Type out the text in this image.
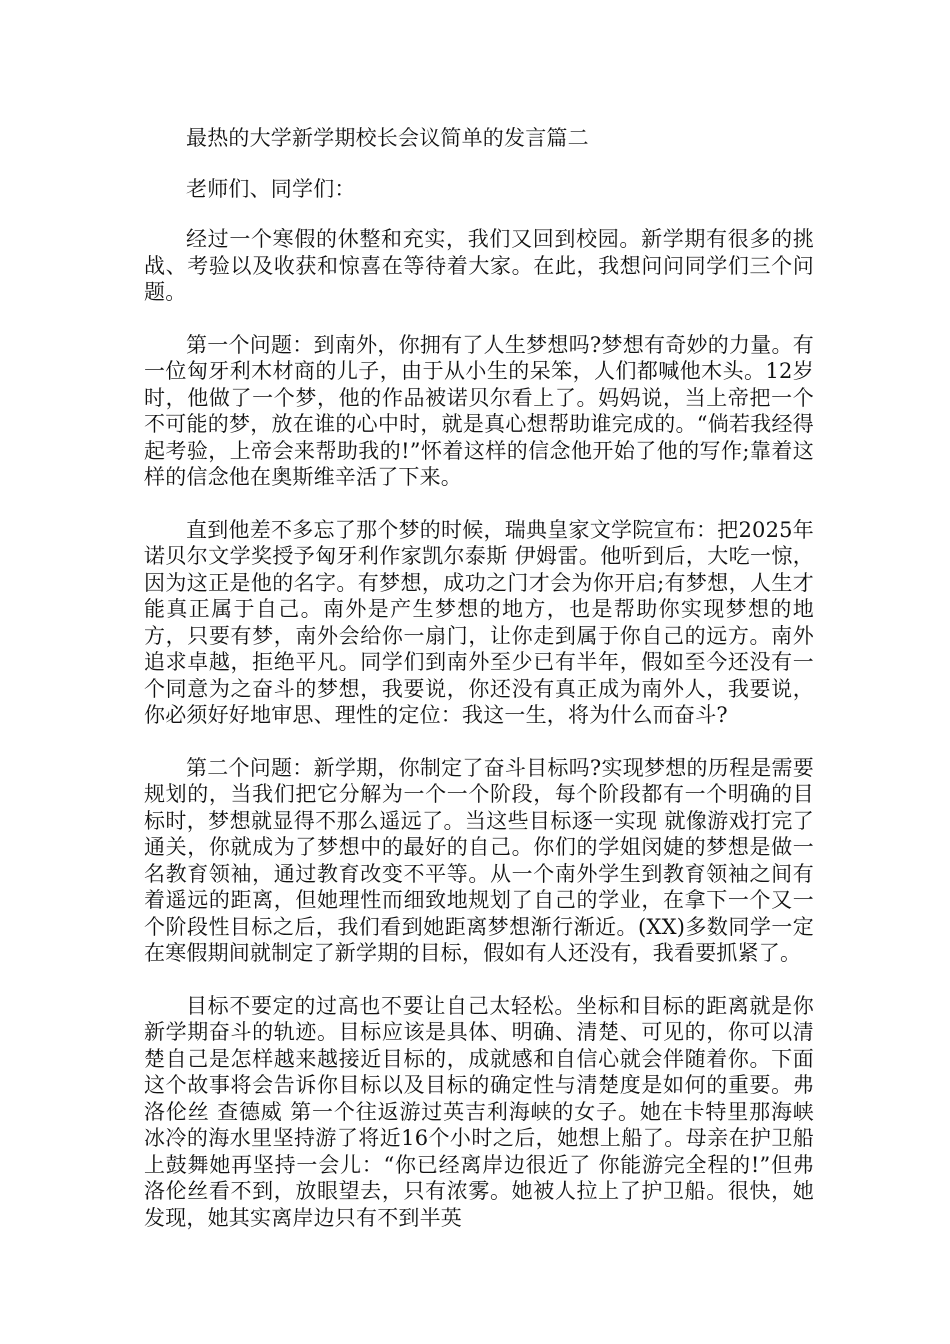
最热的大学新学期校长会议简单的发言篇二

老师们、同学们：

经过一个寒假的休整和充实，我们又回到校园。新学期有很多的挑战、考验以及收获和惊喜在等待着大家。在此，我想问问同学们三个问题。

第一个问题：到南外，你拥有了人生梦想吗?梦想有奇妙的力量。有一位匈牙利木材商的儿子，由于从小生的呆笨，人们都喊他木头。12岁时，他做了一个梦，他的作品被诺贝尔看上了。妈妈说，当上帝把一个不可能的梦，放在谁的心中时，就是真心想帮助谁完成的。“倘若我经得起考验，上帝会来帮助我的!”怀着这样的信念他开始了他的写作;靠着这样的信念他在奥斯维辛活了下来。

直到他差不多忘了那个梦的时候，瑞典皇家文学院宣布：把2025年诺贝尔文学奖授予匈牙利作家凯尔泰斯 伊姆雷。他听到后，大吃一惊，因为这正是他的名字。有梦想，成功之门才会为你开启;有梦想，人生才能真正属于自己。南外是产生梦想的地方，也是帮助你实现梦想的地方，只要有梦，南外会给你一扇门，让你走到属于你自己的远方。南外追求卓越，拒绝平凡。同学们到南外至少已有半年，假如至今还没有一个同意为之奋斗的梦想，我要说，你还没有真正成为南外人，我要说，你必须好好地审思、理性的定位：我这一生，将为什么而奋斗?

第二个问题：新学期，你制定了奋斗目标吗?实现梦想的历程是需要规划的，当我们把它分解为一个一个阶段，每个阶段都有一个明确的目标时，梦想就显得不那么遥远了。当这些目标逐一实现 就像游戏打完了通关，你就成为了梦想中的最好的自己。你们的学姐闵婕的梦想是做一名教育领袖，通过教育改变不平等。从一个南外学生到教育领袖之间有着遥远的距离，但她理性而细致地规划了自己的学业，在拿下一个又一个阶段性目标之后，我们看到她距离梦想渐行渐近。(XX)多数同学一定在寒假期间就制定了新学期的目标，假如有人还没有，我看要抓紧了。

目标不要定的过高也不要让自己太轻松。坐标和目标的距离就是你新学期奋斗的轨迹。目标应该是具体、明确、清楚、可见的，你可以清楚自己是怎样越来越接近目标的，成就感和自信心就会伴随着你。下面这个故事将会告诉你目标以及目标的确定性与清楚度是如何的重要。弗洛伦丝 查德威 第一个往返游过英吉利海峡的女子。她在卡特里那海峡冰冷的海水里坚持游了将近16个小时之后，她想上船了。母亲在护卫船上鼓舞她再坚持一会儿：“你已经离岸边很近了 你能游完全程的!”但弗洛伦丝看不到，放眼望去，只有浓雾。她被人拉上了护卫船。很快，她发现，她其实离岸边只有不到半英
